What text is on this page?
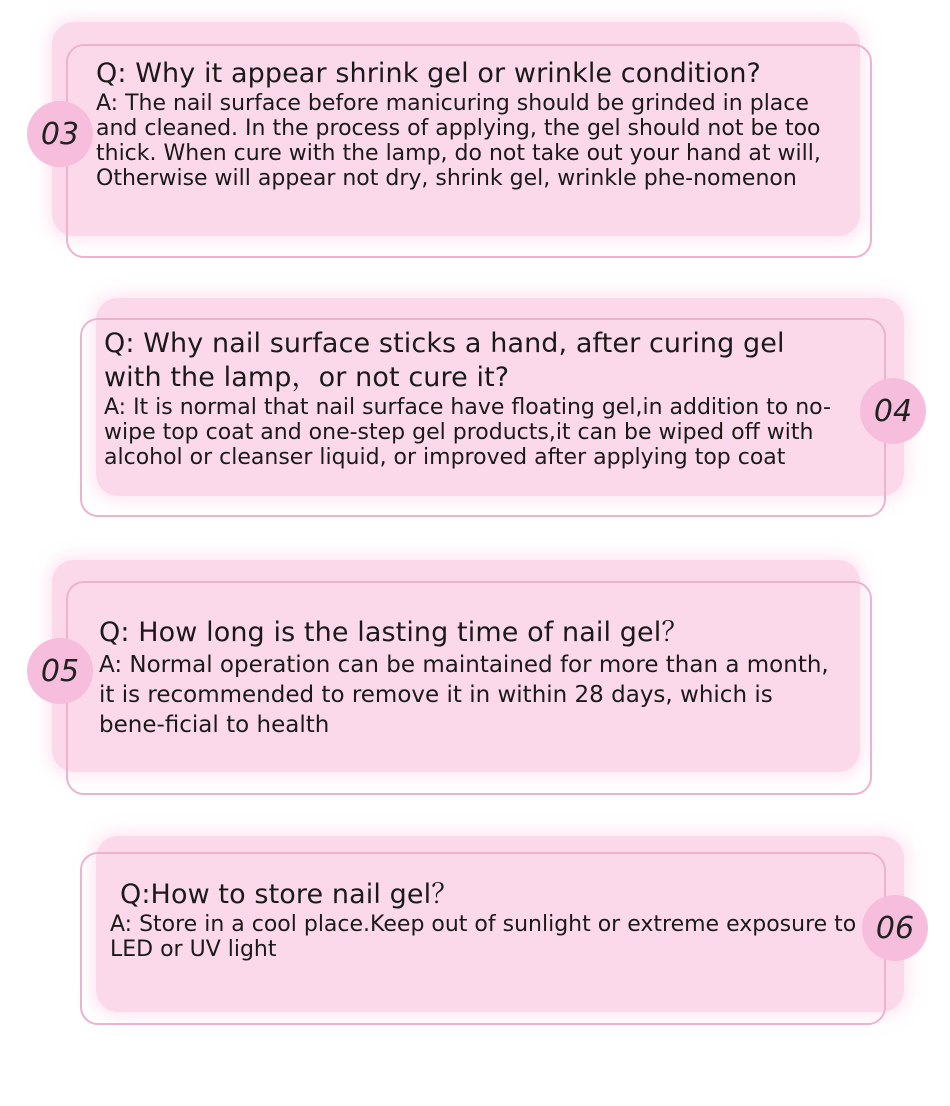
Q: Why it appear shrink gel or wrinkle condition?

A: The nail surface before manicuring should be grinded in place and cleaned. In the process of applying, the gel should not be too thick. When cure with the lamp, do not take out your hand at will, Otherwise will appear not dry, shrink gel, wrinkle phe-nomenon

03
Q: Why nail surface sticks a hand, after curing gel with the lamp，or not cure it?

A: It is normal that nail surface have floating gel,in addition to no-wipe top coat and one-step gel products,it can be wiped off with alcohol or cleanser liquid, or improved after applying top coat

04
Q: How long is the lasting time of nail gel？

A: Normal operation can be maintained for more than a month, it is recommended to remove it in within 28 days, which is bene-ficial to health

05
Q:How to store nail gel？

A: Store in a cool place.Keep out of sunlight or extreme exposure to LED or UV light

06
